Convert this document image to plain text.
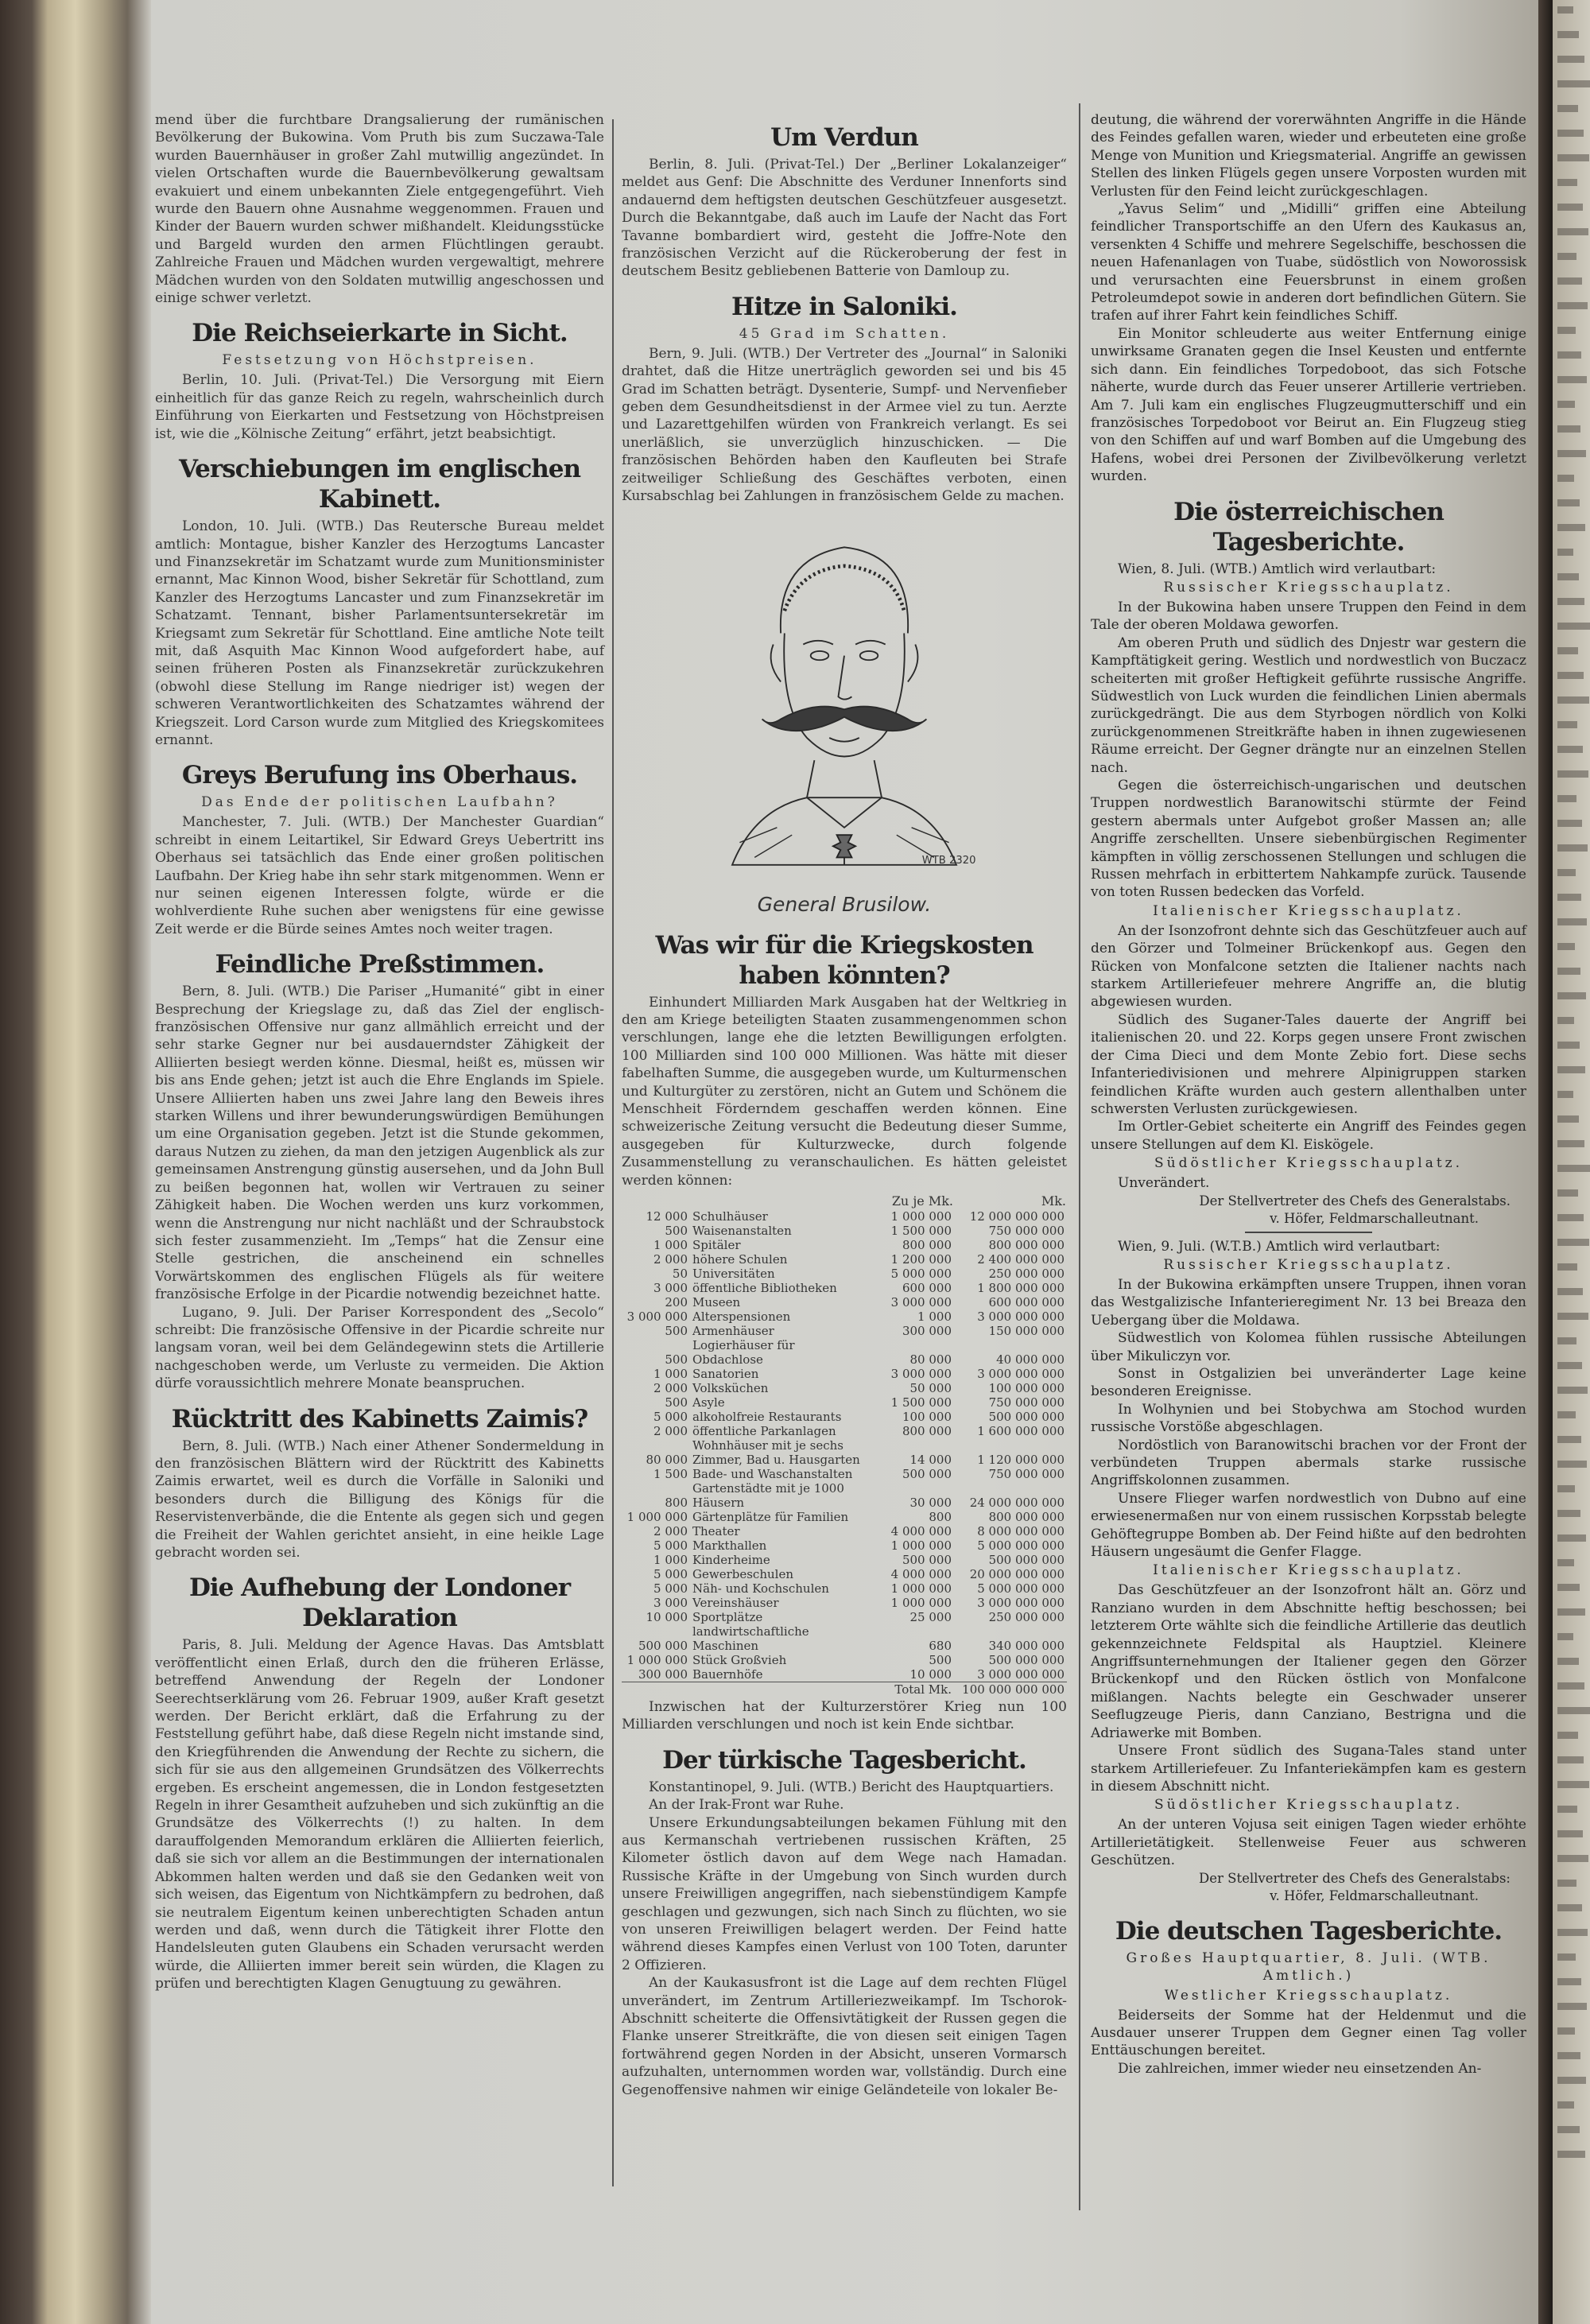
mend über die furchtbare Drangsalierung der rumänischen Bevölkerung der Bukowina. Vom Pruth bis zum Suczawa-Tale wurden Bauernhäuser in großer Zahl mutwillig angezündet. In vielen Ortschaften wurde die Bauernbevölkerung gewaltsam evakuiert und einem unbekannten Ziele entgegengeführt. Vieh wurde den Bauern ohne Ausnahme weggenommen. Frauen und Kinder der Bauern wurden schwer mißhandelt. Kleidungsstücke und Bargeld wurden den armen Flüchtlingen geraubt. Zahlreiche Frauen und Mädchen wurden vergewaltigt, mehrere Mädchen wurden von den Soldaten mutwillig angeschossen und einige schwer verletzt.

Die Reichseierkarte in Sicht.
Festsetzung von Höchstpreisen.

Berlin, 10. Juli. (Privat-Tel.) Die Versorgung mit Eiern einheitlich für das ganze Reich zu regeln, wahrscheinlich durch Einführung von Eierkarten und Festsetzung von Höchstpreisen ist, wie die „Kölnische Zeitung“ erfährt, jetzt beabsichtigt.

Verschiebungen im englischen Kabinett.

London, 10. Juli. (WTB.) Das Reutersche Bureau meldet amtlich: Montague, bisher Kanzler des Herzogtums Lancaster und Finanzsekretär im Schatzamt wurde zum Munitionsminister ernannt, Mac Kinnon Wood, bisher Sekretär für Schottland, zum Kanzler des Herzogtums Lancaster und zum Finanzsekretär im Schatzamt. Tennant, bisher Parlamentsuntersekretär im Kriegsamt zum Sekretär für Schottland. Eine amtliche Note teilt mit, daß Asquith Mac Kinnon Wood aufgefordert habe, auf seinen früheren Posten als Finanzsekretär zurückzukehren (obwohl diese Stellung im Range niedriger ist) wegen der schweren Verantwortlichkeiten des Schatzamtes während der Kriegszeit. Lord Carson wurde zum Mitglied des Kriegskomitees ernannt.

Greys Berufung ins Oberhaus.
Das Ende der politischen Laufbahn?

Manchester, 7. Juli. (WTB.) Der Manchester Guardian“ schreibt in einem Leitartikel, Sir Edward Greys Uebertritt ins Oberhaus sei tatsächlich das Ende einer großen politischen Laufbahn. Der Krieg habe ihn sehr stark mitgenommen. Wenn er nur seinen eigenen Interessen folgte, würde er die wohlverdiente Ruhe suchen aber wenigstens für eine gewisse Zeit werde er die Bürde seines Amtes noch weiter tragen.

Feindliche Preßstimmen.

Bern, 8. Juli. (WTB.) Die Pariser „Humanité“ gibt in einer Besprechung der Kriegslage zu, daß das Ziel der englisch-französischen Offensive nur ganz allmählich erreicht und der sehr starke Gegner nur bei ausdauerndster Zähigkeit der Alliierten besiegt werden könne. Diesmal, heißt es, müssen wir bis ans Ende gehen; jetzt ist auch die Ehre Englands im Spiele. Unsere Alliierten haben uns zwei Jahre lang den Beweis ihres starken Willens und ihrer bewunderungswürdigen Bemühungen um eine Organisation gegeben. Jetzt ist die Stunde gekommen, daraus Nutzen zu ziehen, da man den jetzigen Augenblick als zur gemeinsamen Anstrengung günstig ausersehen, und da John Bull zu beißen begonnen hat, wollen wir Vertrauen zu seiner Zähigkeit haben. Die Wochen werden uns kurz vorkommen, wenn die Anstrengung nur nicht nachläßt und der Schraubstock sich fester zusammenzieht. Im „Temps“ hat die Zensur eine Stelle gestrichen, die anscheinend ein schnelles Vorwärtskommen des englischen Flügels als für weitere französische Erfolge in der Picardie notwendig bezeichnet hatte.

Lugano, 9. Juli. Der Pariser Korrespondent des „Secolo“ schreibt: Die französische Offensive in der Picardie schreite nur langsam voran, weil bei dem Geländegewinn stets die Artillerie nachgeschoben werde, um Verluste zu vermeiden. Die Aktion dürfe voraussichtlich mehrere Monate beanspruchen.

Rücktritt des Kabinetts Zaimis?

Bern, 8. Juli. (WTB.) Nach einer Athener Sondermeldung in den französischen Blättern wird der Rücktritt des Kabinetts Zaimis erwartet, weil es durch die Vorfälle in Saloniki und besonders durch die Billigung des Königs für die Reservistenverbände, die die Entente als gegen sich und gegen die Freiheit der Wahlen gerichtet ansieht, in eine heikle Lage gebracht worden sei.

Die Aufhebung der Londoner Deklaration

Paris, 8. Juli. Meldung der Agence Havas. Das Amtsblatt veröffentlicht einen Erlaß, durch den die früheren Erlässe, betreffend Anwendung der Regeln der Londoner Seerechtserklärung vom 26. Februar 1909, außer Kraft gesetzt werden. Der Bericht erklärt, daß die Erfahrung zu der Feststellung geführt habe, daß diese Regeln nicht imstande sind, den Kriegführenden die Anwendung der Rechte zu sichern, die sich für sie aus den allgemeinen Grundsätzen des Völkerrechts ergeben. Es erscheint angemessen, die in London festgesetzten Regeln in ihrer Gesamtheit aufzuheben und sich zukünftig an die Grundsätze des Völkerrechts (!) zu halten. In dem darauffolgenden Memorandum erklären die Alliierten feierlich, daß sie sich vor allem an die Bestimmungen der internationalen Abkommen halten werden und daß sie den Gedanken weit von sich weisen, das Eigentum von Nichtkämpfern zu bedrohen, daß sie neutralem Eigentum keinen unberechtigten Schaden antun werden und daß, wenn durch die Tätigkeit ihrer Flotte den Handelsleuten guten Glaubens ein Schaden verursacht werden würde, die Alliierten immer bereit sein würden, die Klagen zu prüfen und berechtigten Klagen Genugtuung zu gewähren.

Um Verdun

Berlin, 8. Juli. (Privat-Tel.) Der „Berliner Lokalanzeiger“ meldet aus Genf: Die Abschnitte des Verduner Innenforts sind andauernd dem heftigsten deutschen Geschützfeuer ausgesetzt. Durch die Bekanntgabe, daß auch im Laufe der Nacht das Fort Tavanne bombardiert wird, gesteht die Joffre-Note den französischen Verzicht auf die Rückeroberung der fest in deutschem Besitz gebliebenen Batterie von Damloup zu.

Hitze in Saloniki.
45 Grad im Schatten.

Bern, 9. Juli. (WTB.) Der Vertreter des „Journal“ in Saloniki drahtet, daß die Hitze unerträglich geworden sei und bis 45 Grad im Schatten beträgt. Dysenterie, Sumpf- und Nervenfieber geben dem Gesundheitsdienst in der Armee viel zu tun. Aerzte und Lazarettgehilfen würden von Frankreich verlangt. Es sei unerläßlich, sie unverzüglich hinzuschicken. — Die französischen Behörden haben den Kaufleuten bei Strafe zeitweiliger Schließung des Geschäftes verboten, einen Kursabschlag bei Zahlungen in französischem Gelde zu machen.

WTB 2320
General Brusilow.
Was wir für die Kriegskosten haben könnten?

Einhundert Milliarden Mark Ausgaben hat der Weltkrieg in den am Kriege beteiligten Staaten zusammengenommen schon verschlungen, lange ehe die letzten Bewilligungen erfolgten. 100 Milliarden sind 100 000 Millionen. Was hätte mit dieser fabelhaften Summe, die ausgegeben wurde, um Kulturmenschen und Kulturgüter zu zerstören, nicht an Gutem und Schönem die Menschheit Förderndem geschaffen werden können. Eine schweizerische Zeitung versucht die Bedeutung dieser Summe, ausgegeben für Kulturzwecke, durch folgende Zusammenstellung zu veranschaulichen. Es hätten geleistet werden können:

		Zu je Mk.	Mk.
12 000	Schulhäuser	1 000 000	12 000 000 000
500	Waisenanstalten	1 500 000	750 000 000
1 000	Spitäler	800 000	800 000 000
2 000	höhere Schulen	1 200 000	2 400 000 000
50	Universitäten	5 000 000	250 000 000
3 000	öffentliche Bibliotheken	600 000	1 800 000 000
200	Museen	3 000 000	600 000 000
3 000 000	Alterspensionen	1 000	3 000 000 000
500	Armenhäuser	300 000	150 000 000
500	Logierhäuser für Obdachlose	80 000	40 000 000
1 000	Sanatorien	3 000 000	3 000 000 000
2 000	Volksküchen	50 000	100 000 000
500	Asyle	1 500 000	750 000 000
5 000	alkoholfreie Restaurants	100 000	500 000 000
2 000	öffentliche Parkanlagen	800 000	1 600 000 000
80 000	Wohnhäuser mit je sechs Zimmer, Bad u. Hausgarten	14 000	1 120 000 000
1 500	Bade- und Waschanstalten	500 000	750 000 000
800	Gartenstädte mit je 1000 Häusern	30 000	24 000 000 000
1 000 000	Gärtenplätze für Familien	800	800 000 000
2 000	Theater	4 000 000	8 000 000 000
5 000	Markthallen	1 000 000	5 000 000 000
1 000	Kinderheime	500 000	500 000 000
5 000	Gewerbeschulen	4 000 000	20 000 000 000
5 000	Näh- und Kochschulen	1 000 000	5 000 000 000
3 000	Vereinshäuser	1 000 000	3 000 000 000
10 000	Sportplätze	25 000	250 000 000
500 000	landwirtschaftliche Maschinen	680	340 000 000
1 000 000	Stück Großvieh	500	500 000 000
300 000	Bauernhöfe	10 000	3 000 000 000
		Total Mk.	100 000 000 000

Inzwischen hat der Kulturzerstörer Krieg nun 100 Milliarden verschlungen und noch ist kein Ende sichtbar.

Der türkische Tagesbericht.

Konstantinopel, 9. Juli. (WTB.) Bericht des Hauptquartiers.

An der Irak-Front war Ruhe.

Unsere Erkundungsabteilungen bekamen Fühlung mit den aus Kermanschah vertriebenen russischen Kräften, 25 Kilometer östlich davon auf dem Wege nach Hamadan. Russische Kräfte in der Umgebung von Sinch wurden durch unsere Freiwilligen angegriffen, nach siebenstündigem Kampfe geschlagen und gezwungen, sich nach Sinch zu flüchten, wo sie von unseren Freiwilligen belagert werden. Der Feind hatte während dieses Kampfes einen Verlust von 100 Toten, darunter 2 Offizieren.

An der Kaukasusfront ist die Lage auf dem rechten Flügel unverändert, im Zentrum Artilleriezweikampf. Im Tschorok-Abschnitt scheiterte die Offensivtätigkeit der Russen gegen die Flanke unserer Streitkräfte, die von diesen seit einigen Tagen fortwährend gegen Norden in der Absicht, unseren Vormarsch aufzuhalten, unternommen worden war, vollständig. Durch eine Gegenoffensive nahmen wir einige Geländeteile von lokaler Be-

deutung, die während der vorerwähnten Angriffe in die Hände des Feindes gefallen waren, wieder und erbeuteten eine große Menge von Munition und Kriegsmaterial. Angriffe an gewissen Stellen des linken Flügels gegen unsere Vorposten wurden mit Verlusten für den Feind leicht zurückgeschlagen.

„Yavus Selim“ und „Midilli“ griffen eine Abteilung feindlicher Transportschiffe an den Ufern des Kaukasus an, versenkten 4 Schiffe und mehrere Segelschiffe, beschossen die neuen Hafenanlagen von Tuabe, südöstlich von Noworossisk und verursachten eine Feuersbrunst in einem großen Petroleumdepot sowie in anderen dort befindlichen Gütern. Sie trafen auf ihrer Fahrt kein feindliches Schiff.

Ein Monitor schleuderte aus weiter Entfernung einige unwirksame Granaten gegen die Insel Keusten und entfernte sich dann. Ein feindliches Torpedoboot, das sich Fotsche näherte, wurde durch das Feuer unserer Artillerie vertrieben. Am 7. Juli kam ein englisches Flugzeugmutterschiff und ein französisches Torpedoboot vor Beirut an. Ein Flugzeug stieg von den Schiffen auf und warf Bomben auf die Umgebung des Hafens, wobei drei Personen der Zivilbevölkerung verletzt wurden.

Die österreichischen Tagesberichte.

Wien, 8. Juli. (WTB.) Amtlich wird verlautbart:

Russischer Kriegsschauplatz.

In der Bukowina haben unsere Truppen den Feind in dem Tale der oberen Moldawa geworfen.

Am oberen Pruth und südlich des Dnjestr war gestern die Kampftätigkeit gering. Westlich und nordwestlich von Buczacz scheiterten mit großer Heftigkeit geführte russische Angriffe. Südwestlich von Luck wurden die feindlichen Linien abermals zurückgedrängt. Die aus dem Styrbogen nördlich von Kolki zurückgenommenen Streitkräfte haben in ihnen zugewiesenen Räume erreicht. Der Gegner drängte nur an einzelnen Stellen nach.

Gegen die österreichisch-ungarischen und deutschen Truppen nordwestlich Baranowitschi stürmte der Feind gestern abermals unter Aufgebot großer Massen an; alle Angriffe zerschellten. Unsere siebenbürgischen Regimenter kämpften in völlig zerschossenen Stellungen und schlugen die Russen mehrfach in erbittertem Nahkampfe zurück. Tausende von toten Russen bedecken das Vorfeld.

Italienischer Kriegsschauplatz.

An der Isonzofront dehnte sich das Geschützfeuer auch auf den Görzer und Tolmeiner Brückenkopf aus. Gegen den Rücken von Monfalcone setzten die Italiener nachts nach starkem Artilleriefeuer mehrere Angriffe an, die blutig abgewiesen wurden.

Südlich des Suganer-Tales dauerte der Angriff bei italienischen 20. und 22. Korps gegen unsere Front zwischen der Cima Dieci und dem Monte Zebio fort. Diese sechs Infanteriedivisionen und mehrere Alpinigruppen starken feindlichen Kräfte wurden auch gestern allenthalben unter schwersten Verlusten zurückgewiesen.

Im Ortler-Gebiet scheiterte ein Angriff des Feindes gegen unsere Stellungen auf dem Kl. Eiskögele.

Südöstlicher Kriegsschauplatz.

Unverändert.

Der Stellvertreter des Chefs des Generalstabs.
v. Höfer, Feldmarschalleutnant.

Wien, 9. Juli. (W.T.B.) Amtlich wird verlautbart:

Russischer Kriegsschauplatz.

In der Bukowina erkämpften unsere Truppen, ihnen voran das Westgalizische Infanterieregiment Nr. 13 bei Breaza den Uebergang über die Moldawa.

Südwestlich von Kolomea fühlen russische Abteilungen über Mikuliczyn vor.

Sonst in Ostgalizien bei unveränderter Lage keine besonderen Ereignisse.

In Wolhynien und bei Stobychwa am Stochod wurden russische Vorstöße abgeschlagen.

Nordöstlich von Baranowitschi brachen vor der Front der verbündeten Truppen abermals starke russische Angriffskolonnen zusammen.

Unsere Flieger warfen nordwestlich von Dubno auf eine erwiesenermaßen nur von einem russischen Korpsstab belegte Gehöftegruppe Bomben ab. Der Feind hißte auf den bedrohten Häusern ungesäumt die Genfer Flagge.

Italienischer Kriegsschauplatz.

Das Geschützfeuer an der Isonzofront hält an. Görz und Ranziano wurden in dem Abschnitte heftig beschossen; bei letzterem Orte wählte sich die feindliche Artillerie das deutlich gekennzeichnete Feldspital als Hauptziel. Kleinere Angriffsunternehmungen der Italiener gegen den Görzer Brückenkopf und den Rücken östlich von Monfalcone mißlangen. Nachts belegte ein Geschwader unserer Seeflugzeuge Pieris, dann Canziano, Bestrigna und die Adriawerke mit Bomben.

Unsere Front südlich des Sugana-Tales stand unter starkem Artilleriefeuer. Zu Infanteriekämpfen kam es gestern in diesem Abschnitt nicht.

Südöstlicher Kriegsschauplatz.

An der unteren Vojusa seit einigen Tagen wieder erhöhte Artillerietätigkeit. Stellenweise Feuer aus schweren Geschützen.

Der Stellvertreter des Chefs des Generalstabs:
v. Höfer, Feldmarschalleutnant.
Die deutschen Tagesberichte.
Großes Hauptquartier, 8. Juli. (WTB. Amtlich.)
Westlicher Kriegsschauplatz.

Beiderseits der Somme hat der Heldenmut und die Ausdauer unserer Truppen dem Gegner einen Tag voller Enttäuschungen bereitet.

Die zahlreichen, immer wieder neu einsetzenden An-
